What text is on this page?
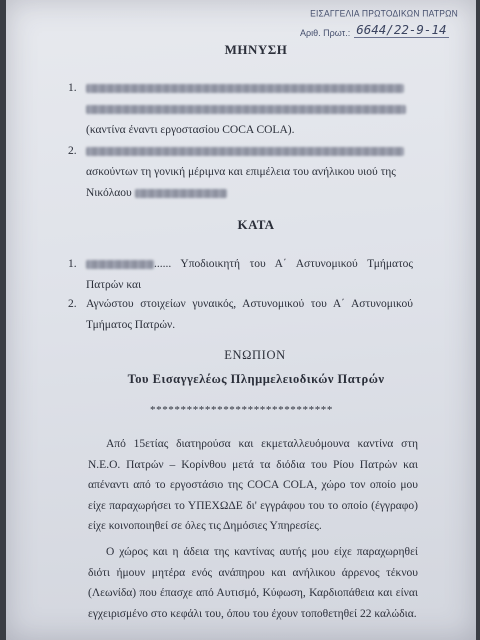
ΕΙΣΑΓΓΕΛΙΑ ΠΡΩΤΟΔΙΚΩΝ ΠΑΤΡΩΝ
Αριθ. Πρωτ.: 6644/22-9-14
ΜΗΝΥΣΗ
1.
(καντίνα έναντι εργοστασίου COCA COLA).
2.
ασκούντων τη γονική μέριμνα και επιμέλεια του ανήλικου υιού της
Νικόλαου
ΚΑΤΑ
1.	...... Υποδιοικητή του Α΄ Αστυνομικού Τμήματος Πατρών και
2. Αγνώστου στοιχείων γυναικός, Αστυνομικού του Α΄ Αστυνομικού Τμήματος Πατρών.
ΕΝΩΠΙΟΝ
Του Εισαγγελέως Πλημμελειοδικών Πατρών
******************************
Από 15ετίας διατηρούσα και εκμεταλλευόμουνα καντίνα στη Ν.Ε.Ο. Πατρών – Κορίνθου μετά τα διόδια του Ρίου Πατρών και απέναντι από το εργοστάσιο της COCA COLA, χώρο τον οποίο μου είχε παραχωρήσει το ΥΠΕΧΩΔΕ δι' εγγράφου του το οποίο (έγγραφο) είχε κοινοποιηθεί σε όλες τις Δημόσιες Υπηρεσίες.
Ο χώρος και η άδεια της καντίνας αυτής μου είχε παραχωρηθεί διότι ήμουν μητέρα ενός ανάπηρου και ανήλικου άρρενος τέκνου (Λεωνίδα) που έπασχε από Αυτισμό, Κύφωση, Καρδιοπάθεια και είναι εγχειρισμένο στο κεφάλι του, όπου του έχουν τοποθετηθεί 22 καλώδια.
